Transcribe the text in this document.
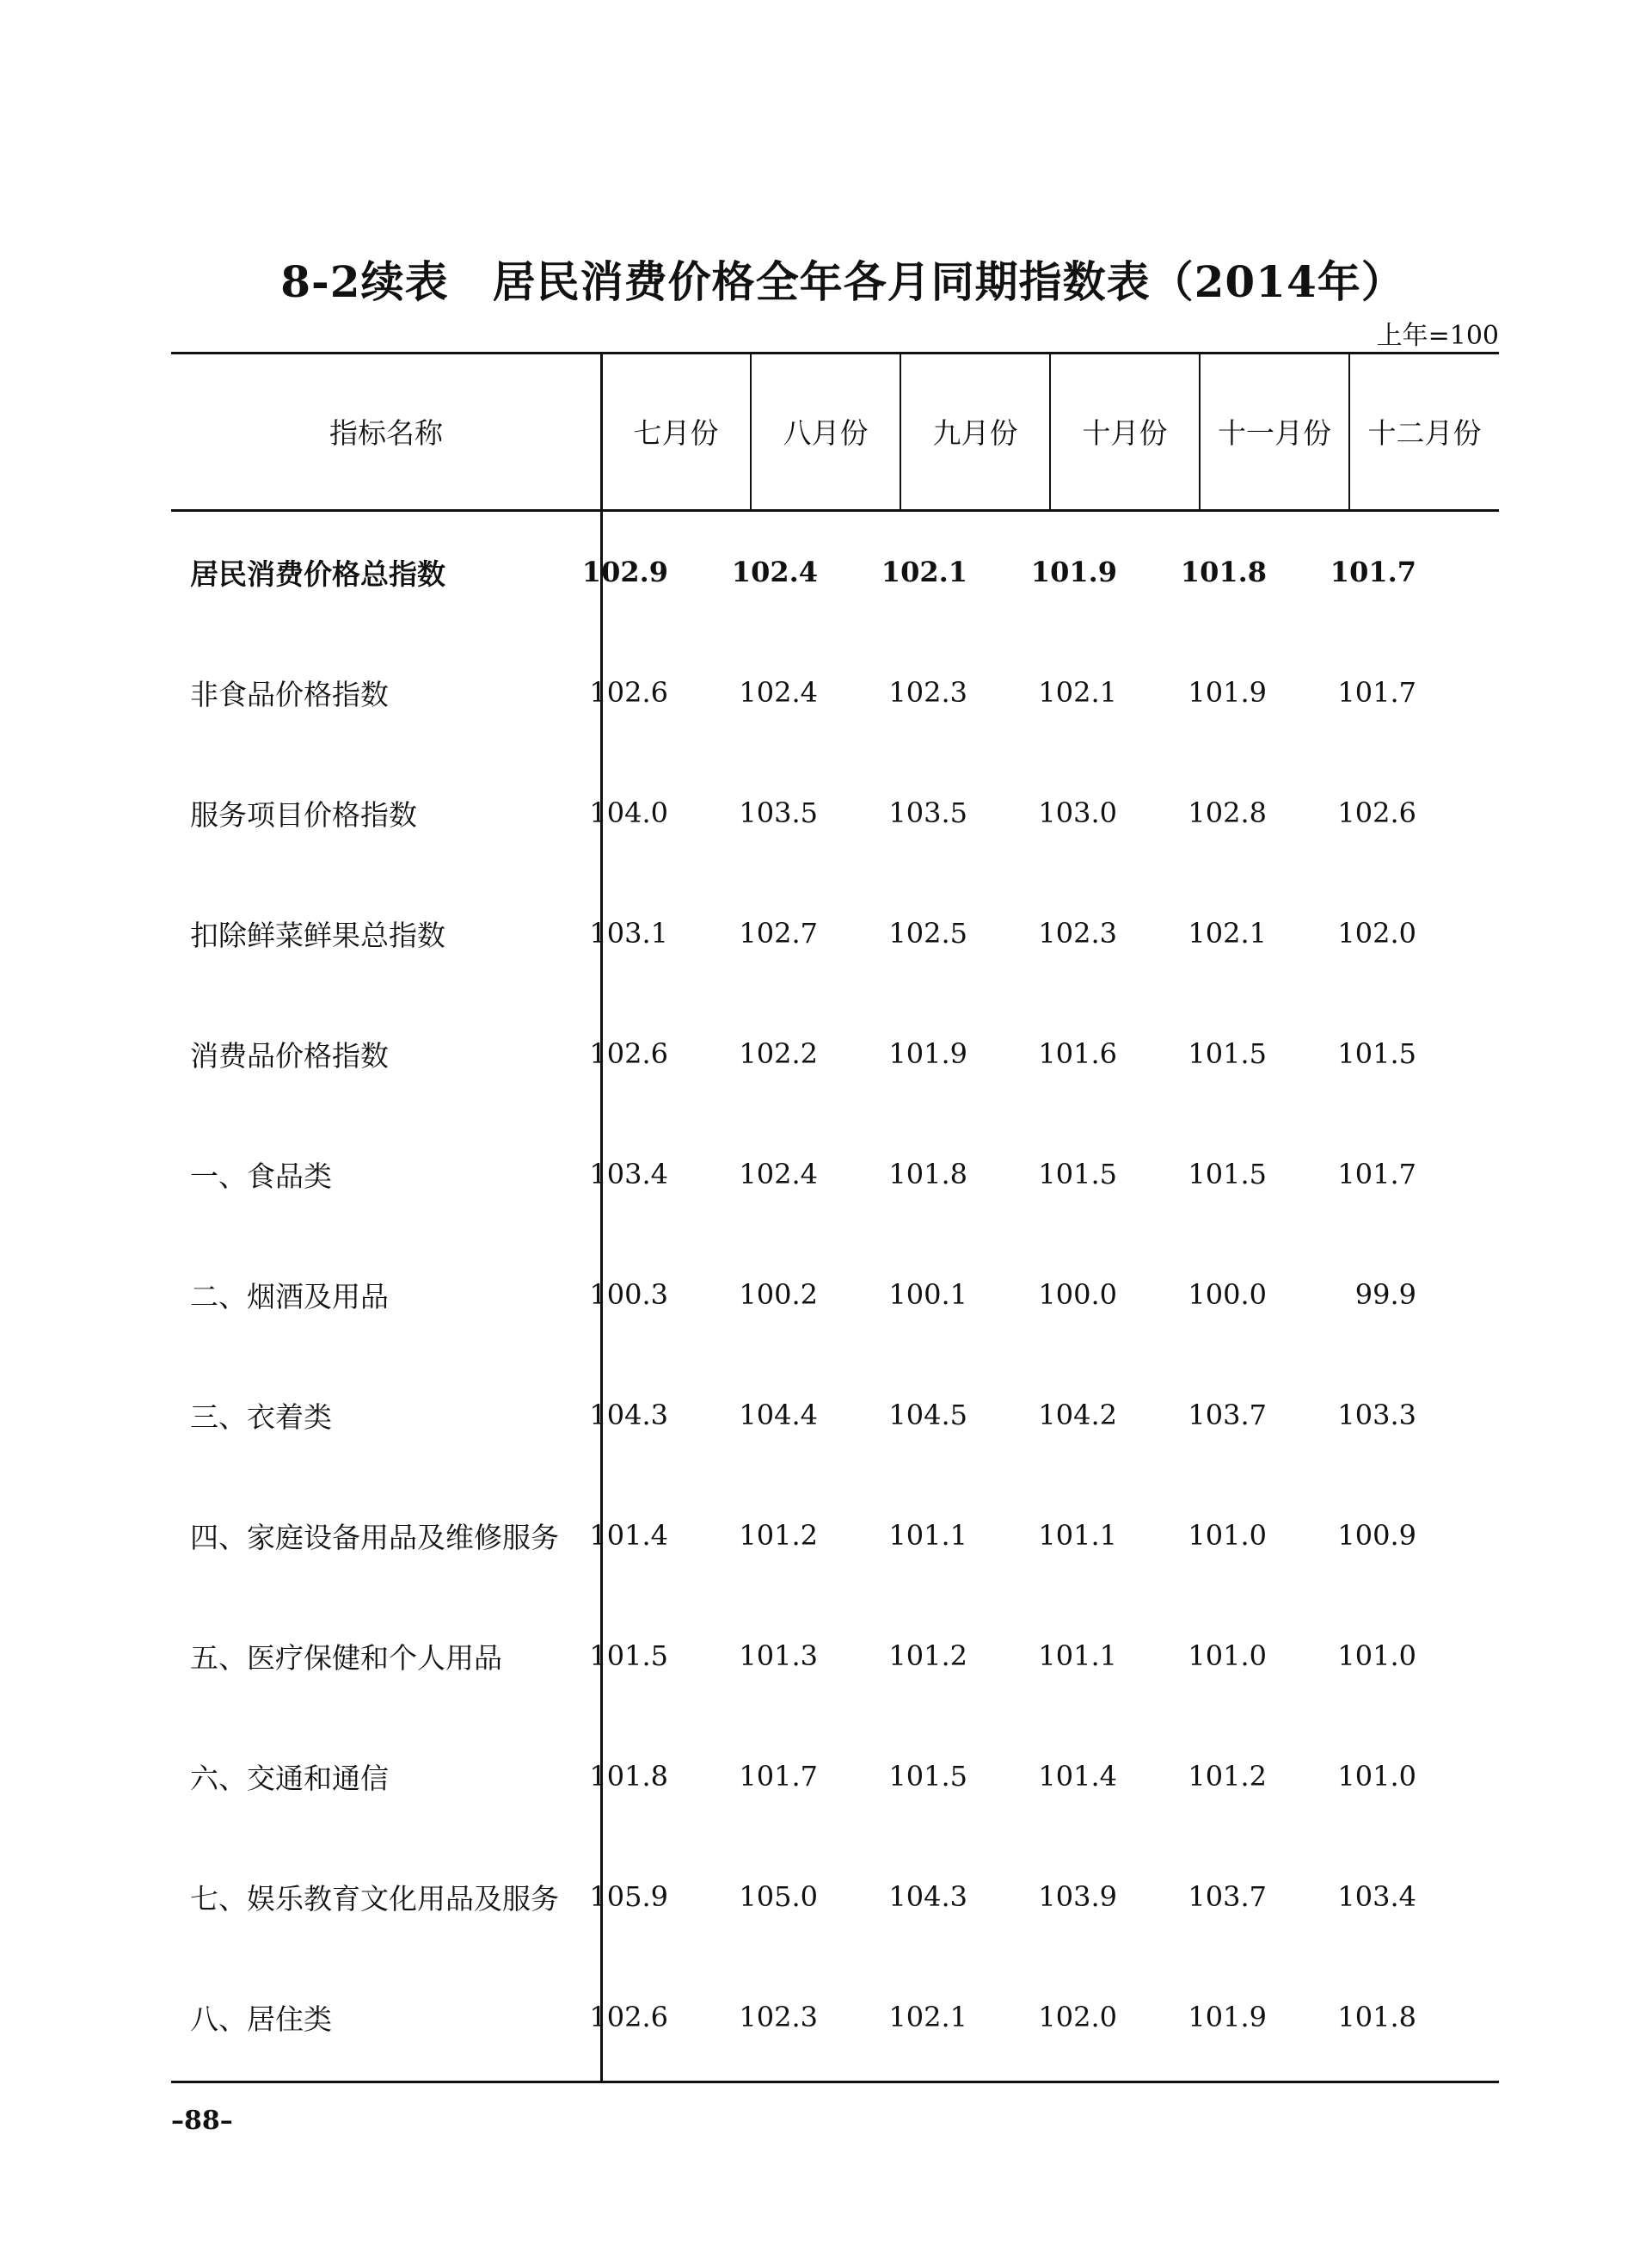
8-2续表　居民消费价格全年各月同期指数表（2014年）
上年=100
指标名称	七月份	八月份	九月份	十月份	十一月份	十二月份
居民消费价格总指数	102.9 102.4 102.1 101.9 101.8 101.7
非食品价格指数	102.6	102.4	102.3	102.1	101.9	101.7
服务项目价格指数	104.0	103.5	103.5	103.0	102.8	102.6
扣除鲜菜鲜果总指数	103.1	102.7	102.5	102.3	102.1	102.0
消费品价格指数	102.6	102.2	101.9	101.6	101.5	101.5
一、食品类	103.4	102.4	101.8	101.5	101.5	101.7
二、烟酒及用品	100.3	100.2	100.1	100.0	100.0	99.9
三、衣着类	104.3	104.4	104.5	104.2	103.7	103.3
四、家庭设备用品及维修服务 101.4	101.2	101.1	101.1	101.0	100.9
五、医疗保健和个人用品	101.5	101.3	101.2	101.1	101.0	101.0
六、交通和通信	101.8	101.7	101.5	101.4	101.2	101.0
七、娱乐教育文化用品及服务 105.9	105.0	104.3	103.9	103.7	103.4
八、居住类	102.6	102.3	102.1	102.0	101.9	101.8
–88–
